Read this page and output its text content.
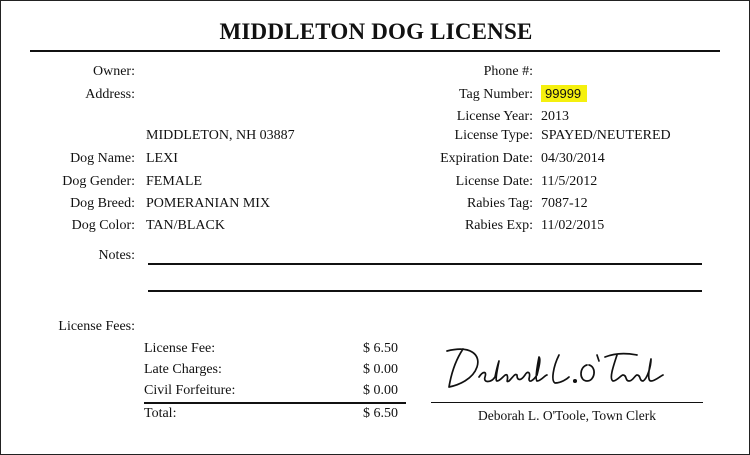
MIDDLETON DOG LICENSE
Owner:
Address:
MIDDLETON, NH 03887
Dog Name: LEXI
Dog Gender: FEMALE
Dog Breed: POMERANIAN MIX
Dog Color: TAN/BLACK
Phone #:
Tag Number: 99999
License Year: 2013
License Type: SPAYED/NEUTERED
Expiration Date: 04/30/2014
License Date: 11/5/2012
Rabies Tag: 7087-12
Rabies Exp: 11/02/2015
Notes:
License Fees:
License Fee:	$ 6.50
Late Charges:	$ 0.00
Civil Forfeiture:	$ 0.00
Total:	$ 6.50	Deborah L. O'Toole, Town Clerk
